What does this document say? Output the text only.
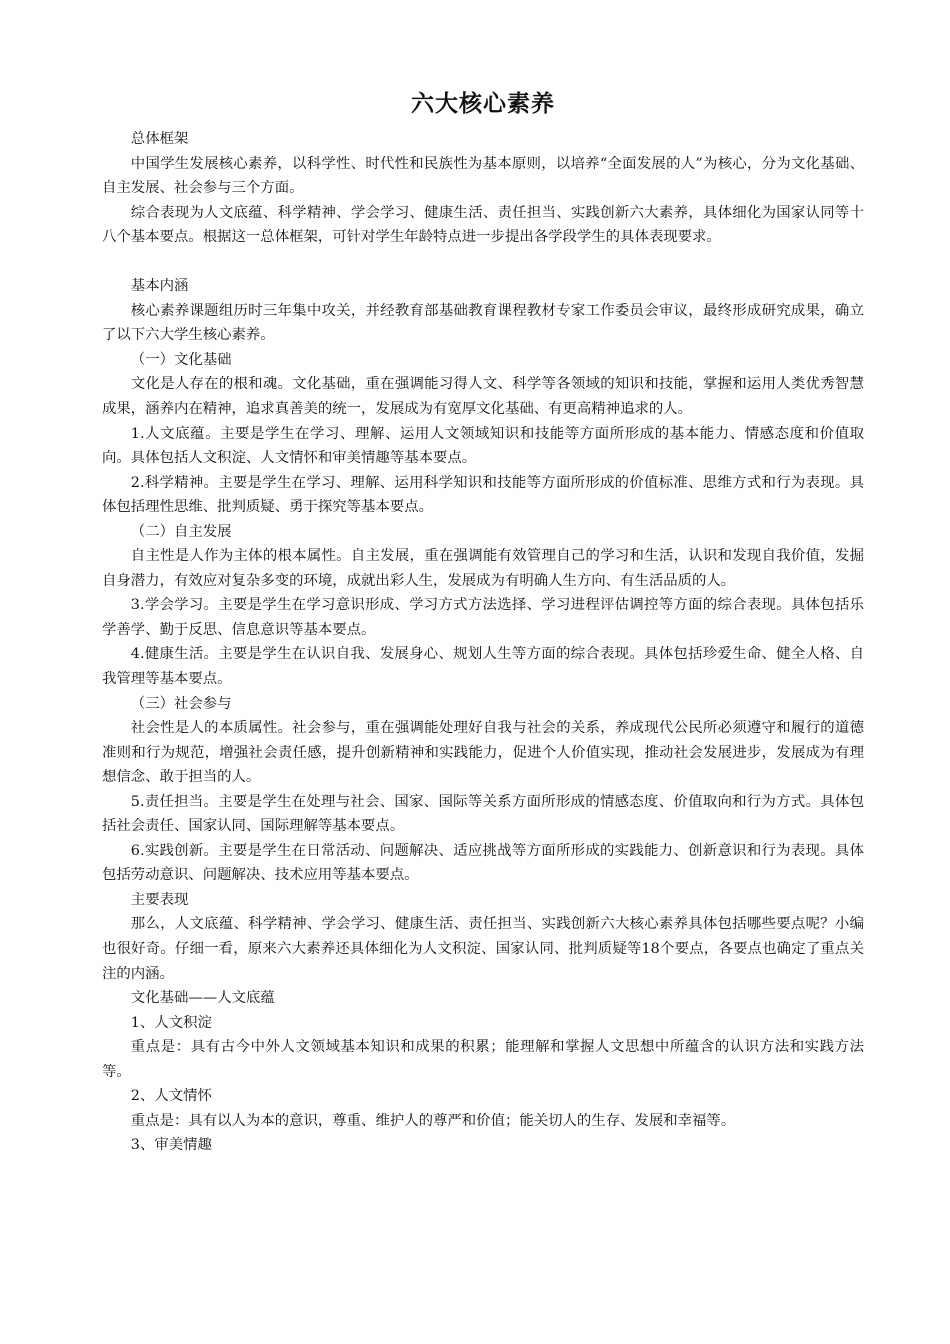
六大核心素养

总体框架

中国学生发展核心素养，以科学性、时代性和民族性为基本原则，以培养“全面发展的人”为核心，分为文化基础、自主发展、社会参与三个方面。

综合表现为人文底蕴、科学精神、学会学习、健康生活、责任担当、实践创新六大素养，具体细化为国家认同等十八个基本要点。根据这一总体框架，可针对学生年龄特点进一步提出各学段学生的具体表现要求。

基本内涵

核心素养课题组历时三年集中攻关，并经教育部基础教育课程教材专家工作委员会审议，最终形成研究成果，确立了以下六大学生核心素养。

（一）文化基础

文化是人存在的根和魂。文化基础，重在强调能习得人文、科学等各领域的知识和技能，掌握和运用人类优秀智慧成果，涵养内在精神，追求真善美的统一，发展成为有宽厚文化基础、有更高精神追求的人。

1.人文底蕴。主要是学生在学习、理解、运用人文领域知识和技能等方面所形成的基本能力、情感态度和价值取向。具体包括人文积淀、人文情怀和审美情趣等基本要点。

2.科学精神。主要是学生在学习、理解、运用科学知识和技能等方面所形成的价值标准、思维方式和行为表现。具体包括理性思维、批判质疑、勇于探究等基本要点。

（二）自主发展

自主性是人作为主体的根本属性。自主发展，重在强调能有效管理自己的学习和生活，认识和发现自我价值，发掘自身潜力，有效应对复杂多变的环境，成就出彩人生，发展成为有明确人生方向、有生活品质的人。

3.学会学习。主要是学生在学习意识形成、学习方式方法选择、学习进程评估调控等方面的综合表现。具体包括乐学善学、勤于反思、信息意识等基本要点。

4.健康生活。主要是学生在认识自我、发展身心、规划人生等方面的综合表现。具体包括珍爱生命、健全人格、自我管理等基本要点。

（三）社会参与

社会性是人的本质属性。社会参与，重在强调能处理好自我与社会的关系，养成现代公民所必须遵守和履行的道德准则和行为规范，增强社会责任感，提升创新精神和实践能力，促进个人价值实现，推动社会发展进步，发展成为有理想信念、敢于担当的人。

5.责任担当。主要是学生在处理与社会、国家、国际等关系方面所形成的情感态度、价值取向和行为方式。具体包括社会责任、国家认同、国际理解等基本要点。

6.实践创新。主要是学生在日常活动、问题解决、适应挑战等方面所形成的实践能力、创新意识和行为表现。具体包括劳动意识、问题解决、技术应用等基本要点。

主要表现

那么，人文底蕴、科学精神、学会学习、健康生活、责任担当、实践创新六大核心素养具体包括哪些要点呢？小编也很好奇。仔细一看，原来六大素养还具体细化为人文积淀、国家认同、批判质疑等18个要点，各要点也确定了重点关注的内涵。

文化基础——人文底蕴

1、人文积淀

重点是：具有古今中外人文领域基本知识和成果的积累；能理解和掌握人文思想中所蕴含的认识方法和实践方法等。

2、人文情怀

重点是：具有以人为本的意识，尊重、维护人的尊严和价值；能关切人的生存、发展和幸福等。

3、审美情趣
